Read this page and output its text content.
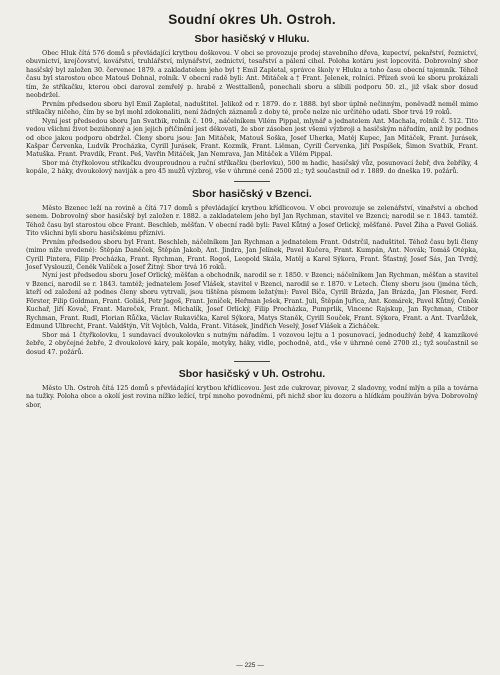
Soudní okres Uh. Ostroh.
Sbor hasičský v Hluku.

Obec Hluk čítá 576 domů s převládající krytbou doškovou. V obci se provozuje prodej stavebního dřeva, kupectví, pekařství, řeznictví, obuvnictví, krejčovství, kovářství, truhlářství, mlynářství, zednictví, tesařství a pálení cihel. Poloha kotáru jest lopcovitá. Dobrovolný sbor hasičský byl založen 30. červenec 1879. a zakladatelem jeho byl † Emil Zapletal, správce školy v Hluku a toho času obecní tajemník. Téhož času byl starostou obce Matouš Dohnal, rolník. V obecní radě byli: Ant. Mitáček a † Frant. Jelenek, rolníci. Přízeň svoú ke sboru prokázali tím, že stříkačku, kterou obci daroval zemřelý p. hrabě z Westtallenů, ponechali sboru a slíbili podporu 50. zl., již však sbor dosud neobdržel.

Prvním předsedou sboru byl Emil Zapletal, naduštitel. Jelikož od r. 1879. do r. 1888. byl sbor úplně nečinným, poněvadž neměl mimo stříkačky ničeho, čím by se byl mohl zdokonaliti, není žádných záznamů z doby té, proče nelze nic určitého udati. Sbor trvá 19 roků.

Nyní jest předsedou sboru Jan Svatbik, rolník č. 109., náčelníkem Vilém Pippal, mlynář a jednatelem Ant. Machala, rolník č. 512. Tito vedou všichni život bezúhonný a jen jejich přičinění jest děkovati, že sbor zásoben jest všemi výzbroji a hasičským nářadím, aniž by podnes od obce jakou podporu obdržel. Členy sboru jsou: Jan Mitáček, Matouš Soška, Josef Uherka, Matěj Kupec, Jan Mitáček, Frant. Jurásek, Kašpar Červenka, Ludvík Procházka, Cyrill Jurásek, Frant. Kozmík, Frant. Liěman, Cyrill Červenka, Jiří Pospíšek, Šimon Svatbik, Frant. Matuška. Frant. Pravdík, Frant. Peš, Vavřin Mitáček, Jan Nemrava, Jan Mitáček a Vilém Pippal.

Sbor má čtyřkolovou stříkačku dvouproudnou a ruční stříkačku (berlovku), 500 m hadic, hasičský vůz, posunovací žebř, dva žebříky, 4 kopále, 2 háky, dvoukolový naviják a pro 45 mužů výzbroj, vše v úhrnné ceně 2500 zl.; tyž součastnil od r. 1889. do dneška 19. požárů.

Sbor hasičský v Bzenci.

Město Bzenec leží na rovině a čítá 717 domů s převládající krytbou křídlicovou. V obci provozuje se zelenářství, vinařství a obchod senem. Dobrovolný sbor hasičský byl založen r. 1882. a zakladatelem jeho byl Jan Rychman, stavitel ve Bzenci; narodil se r. 1843. tamtéž. Téhož času byl starostou obce Frant. Beschleb, měšťan. V obecní radě byli: Pavel Kůtný a Josef Orlický, měšťané. Pavel Žiha a Pavel Goliáš. Tito všichni byli sboru hasičskému příznivi.

Prvním předsedou sboru byl Frant. Beschleb, náčelníkem Jan Rychman a jednatelem Frant. Odstrčil, naduštitel. Téhož času byli členy (mimo níže uvedené): Štěpán Daněček, Štěpán Jakob, Ant. Jindra, Jan Jelínek, Pavel Kučera, Frant. Kumpán, Ant. Novák; Tomáš Otépka, Cyrill Pintera, Filip Procházka, Frant. Rychman, Frant. Rogoš, Leopold Skála, Matěj a Karel Sýkora, Frant. Šťastný, Josef Sás, Jan Tvrdý, Josef Vyslouzil, Čeněk Valíček a Josef Žitný. Sbor trvá 16 roků.

Nyní jest předsedou sboru Josef Orlický, měšťan a obchodník, narodil se r. 1850. v Bzenci; náčelníkem Jan Rychman, měšťan a stavitel v Bzenci, narodil se r. 1843. tamtéž; jednatelem Josef Vlášek, stavitel v Bzenci, narodil se r. 1870. v Letech. Členy sboru jsou (jména těch, kteří od založení až podnes členy sboru vytrvali, jsou tištěna písmem ležatým): Pavel Bíča, Cyrill Brázda, Jan Brázda, Jan Flesner, Ferd. Förster, Filip Goldman, Frant. Goliáš, Petr Jagoš, Frant. Jeníček, Heřman Ješek, Frant. Juli, Štěpán Juřica, Ant. Komárek, Pavel Kůtný, Čeněk Kuchař, Jiří Kovač, Frant. Mareček, Frant. Michalík, Josef Orlický, Filip Procházka, Pumprlik, Vincenc Rajskup, Jan Rychman, Ctibor Rychman, Frant. Rudl, Florian Růčka, Václav Rukavička, Karel Sýkora, Matys Staněk, Cyrill Souček, Frant. Sýkora, Frant. a Ant. Tvarůžek, Edmund Ulbrecht, Frant. Valdštýn, Vít Vojtěch, Valda, Frant. Vitásek, Jindřich Veselý, Josef Vlášek a Zicháček.

Sbor má 1 čtyřkolovku, 1 sundavací dvoukolovku s nutným nářadím. 1 vozovou lejtu a 1 posunovací, jednoduchý žebř, 4 kamzíkové žebře, 2 obyčejné žebře, 2 dvoukolové káry, pak kopále, motyky, háky, vidle, pochodně, atd., vše v úhrnné ceně 2700 zl.; tyž součastnil se dosud 47. požárů.

Sbor hasičský v Uh. Ostrohu.

Město Uh. Ostroh čítá 125 domů s převládající krytbou křídlicovou. Jest zde cukrovar, pivovar, 2 sladovny, vodní mlýn a pila a továrna na tužky. Poloha obce a okolí jest rovina nížko ležící, trpí mnoho povodněmi, při nichž sbor ku dozoru a hlídkám používán býva Dobrovolný sbor,

— 225 —
